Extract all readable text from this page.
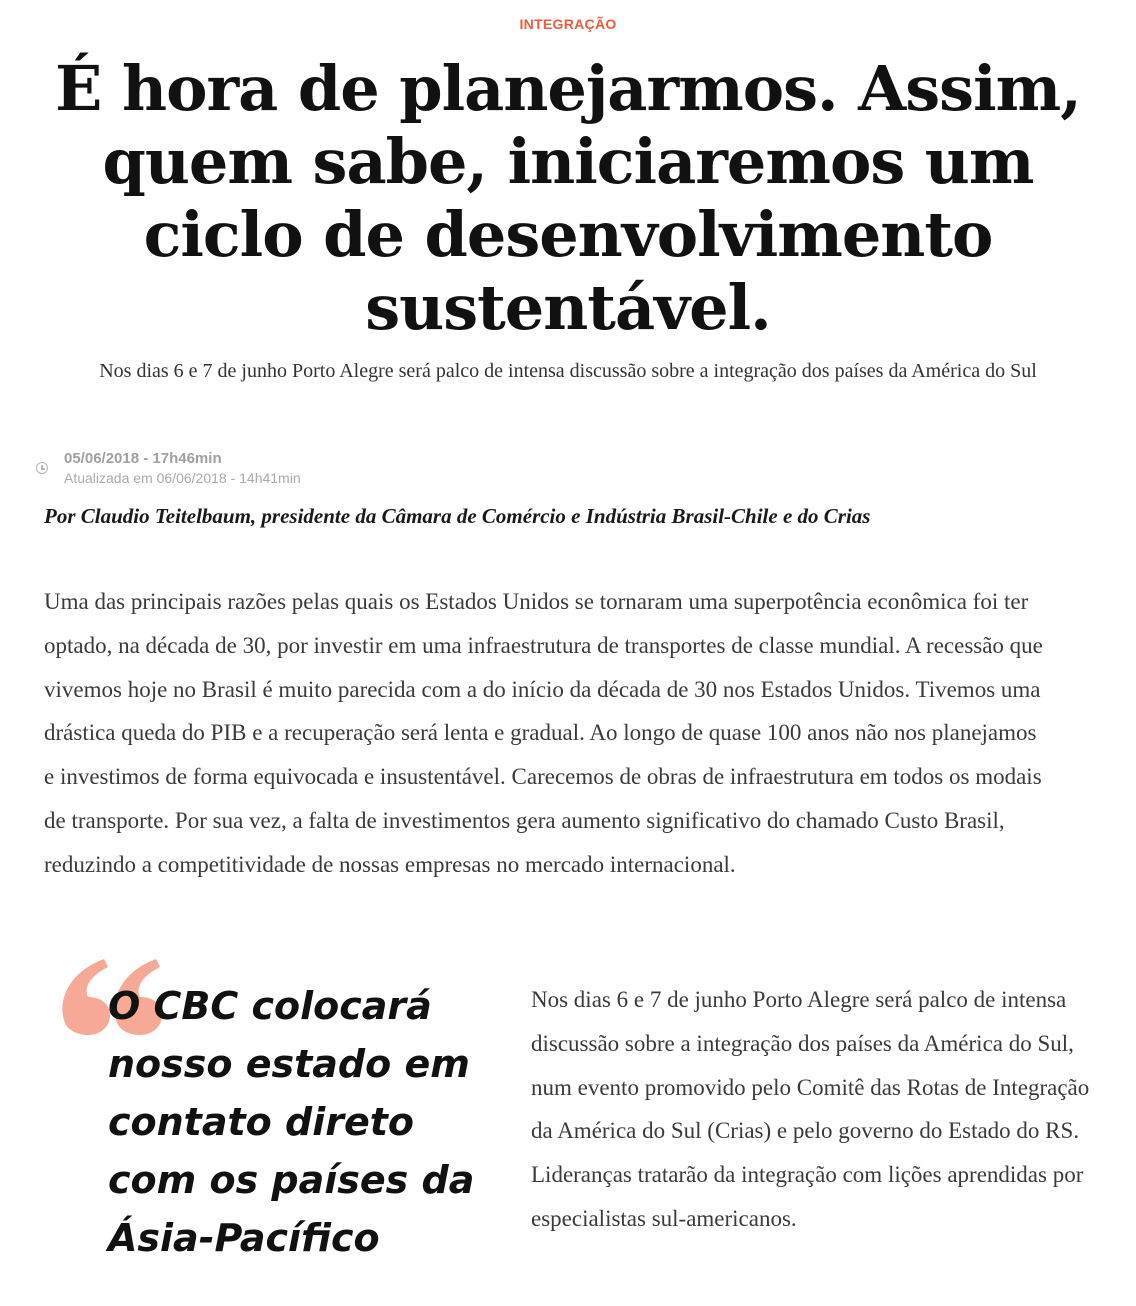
INTEGRAÇÃO
É hora de planejarmos. Assim, quem sabe, iniciaremos um ciclo de desenvolvimento sustentável.

Nos dias 6 e 7 de junho Porto Alegre será palco de intensa discussão sobre a integração dos países da América do Sul

05/06/2018 - 17h46min
Atualizada em 06/06/2018 - 14h41min

Por Claudio Teitelbaum, presidente da Câmara de Comércio e Indústria Brasil-Chile e do Crias

Uma das principais razões pelas quais os Estados Unidos se tornaram uma superpotência econômica foi ter optado, na década de 30, por investir em uma infraestrutura de transportes de classe mundial. A recessão que vivemos hoje no Brasil é muito parecida com a do início da década de 30 nos Estados Unidos. Tivemos uma drástica queda do PIB e a recuperação será lenta e gradual. Ao longo de quase 100 anos não nos planejamos e investimos de forma equivocada e insustentável. Carecemos de obras de infraestrutura em todos os modais de transporte. Por sua vez, a falta de investimentos gera aumento significativo do chamado Custo Brasil, reduzindo a competitividade de nossas empresas no mercado internacional.

O CBC colocará nosso estado em contato direto com os países da Ásia-Pacífico

Nos dias 6 e 7 de junho Porto Alegre será palco de intensa discussão sobre a integração dos países da América do Sul, num evento promovido pelo Comitê das Rotas de Integração da América do Sul (Crias) e pelo governo do Estado do RS. Lideranças tratarão da integração com lições aprendidas por especialistas sul-americanos.
